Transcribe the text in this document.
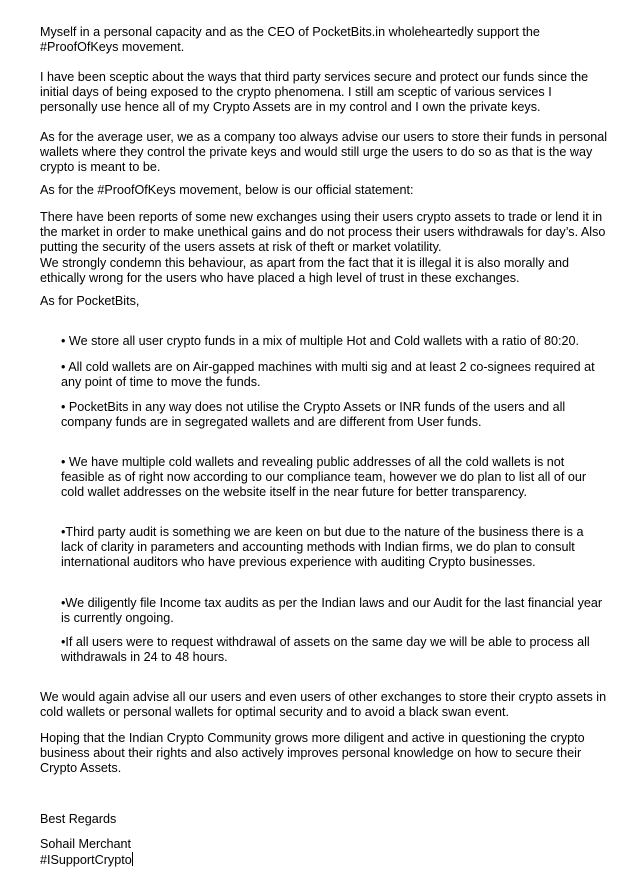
Myself in a personal capacity and as the CEO of PocketBits.in wholeheartedly support the
#ProofOfKeys movement.

I have been sceptic about the ways that third party services secure and protect our funds since the
initial days of being exposed to the crypto phenomena. I still am sceptic of various services I
personally use hence all of my Crypto Assets are in my control and I own the private keys.

As for the average user, we as a company too always advise our users to store their funds in personal
wallets where they control the private keys and would still urge the users to do so as that is the way
crypto is meant to be.

As for the #ProofOfKeys movement, below is our official statement:

There have been reports of some new exchanges using their users crypto assets to trade or lend it in
the market in order to make unethical gains and do not process their users withdrawals for day’s. Also
putting the security of the users assets at risk of theft or market volatility.
We strongly condemn this behaviour, as apart from the fact that it is illegal it is also morally and
ethically wrong for the users who have placed a high level of trust in these exchanges.

As for PocketBits,

• We store all user crypto funds in a mix of multiple Hot and Cold wallets with a ratio of 80:20.

• All cold wallets are on Air-gapped machines with multi sig and at least 2 co-signees required at
any point of time to move the funds.

• PocketBits in any way does not utilise the Crypto Assets or INR funds of the users and all
company funds are in segregated wallets and are different from User funds.

• We have multiple cold wallets and revealing public addresses of all the cold wallets is not
feasible as of right now according to our compliance team, however we do plan to list all of our
cold wallet addresses on the website itself in the near future for better transparency.

•Third party audit is something we are keen on but due to the nature of the business there is a
lack of clarity in parameters and accounting methods with Indian firms, we do plan to consult
international auditors who have previous experience with auditing Crypto businesses.

•We diligently file Income tax audits as per the Indian laws and our Audit for the last financial year
is currently ongoing.

•If all users were to request withdrawal of assets on the same day we will be able to process all
withdrawals in 24 to 48 hours.

We would again advise all our users and even users of other exchanges to store their crypto assets in
cold wallets or personal wallets for optimal security and to avoid a black swan event.

Hoping that the Indian Crypto Community grows more diligent and active in questioning the crypto
business about their rights and also actively improves personal knowledge on how to secure their
Crypto Assets.

Best Regards

Sohail Merchant
#ISupportCrypto
